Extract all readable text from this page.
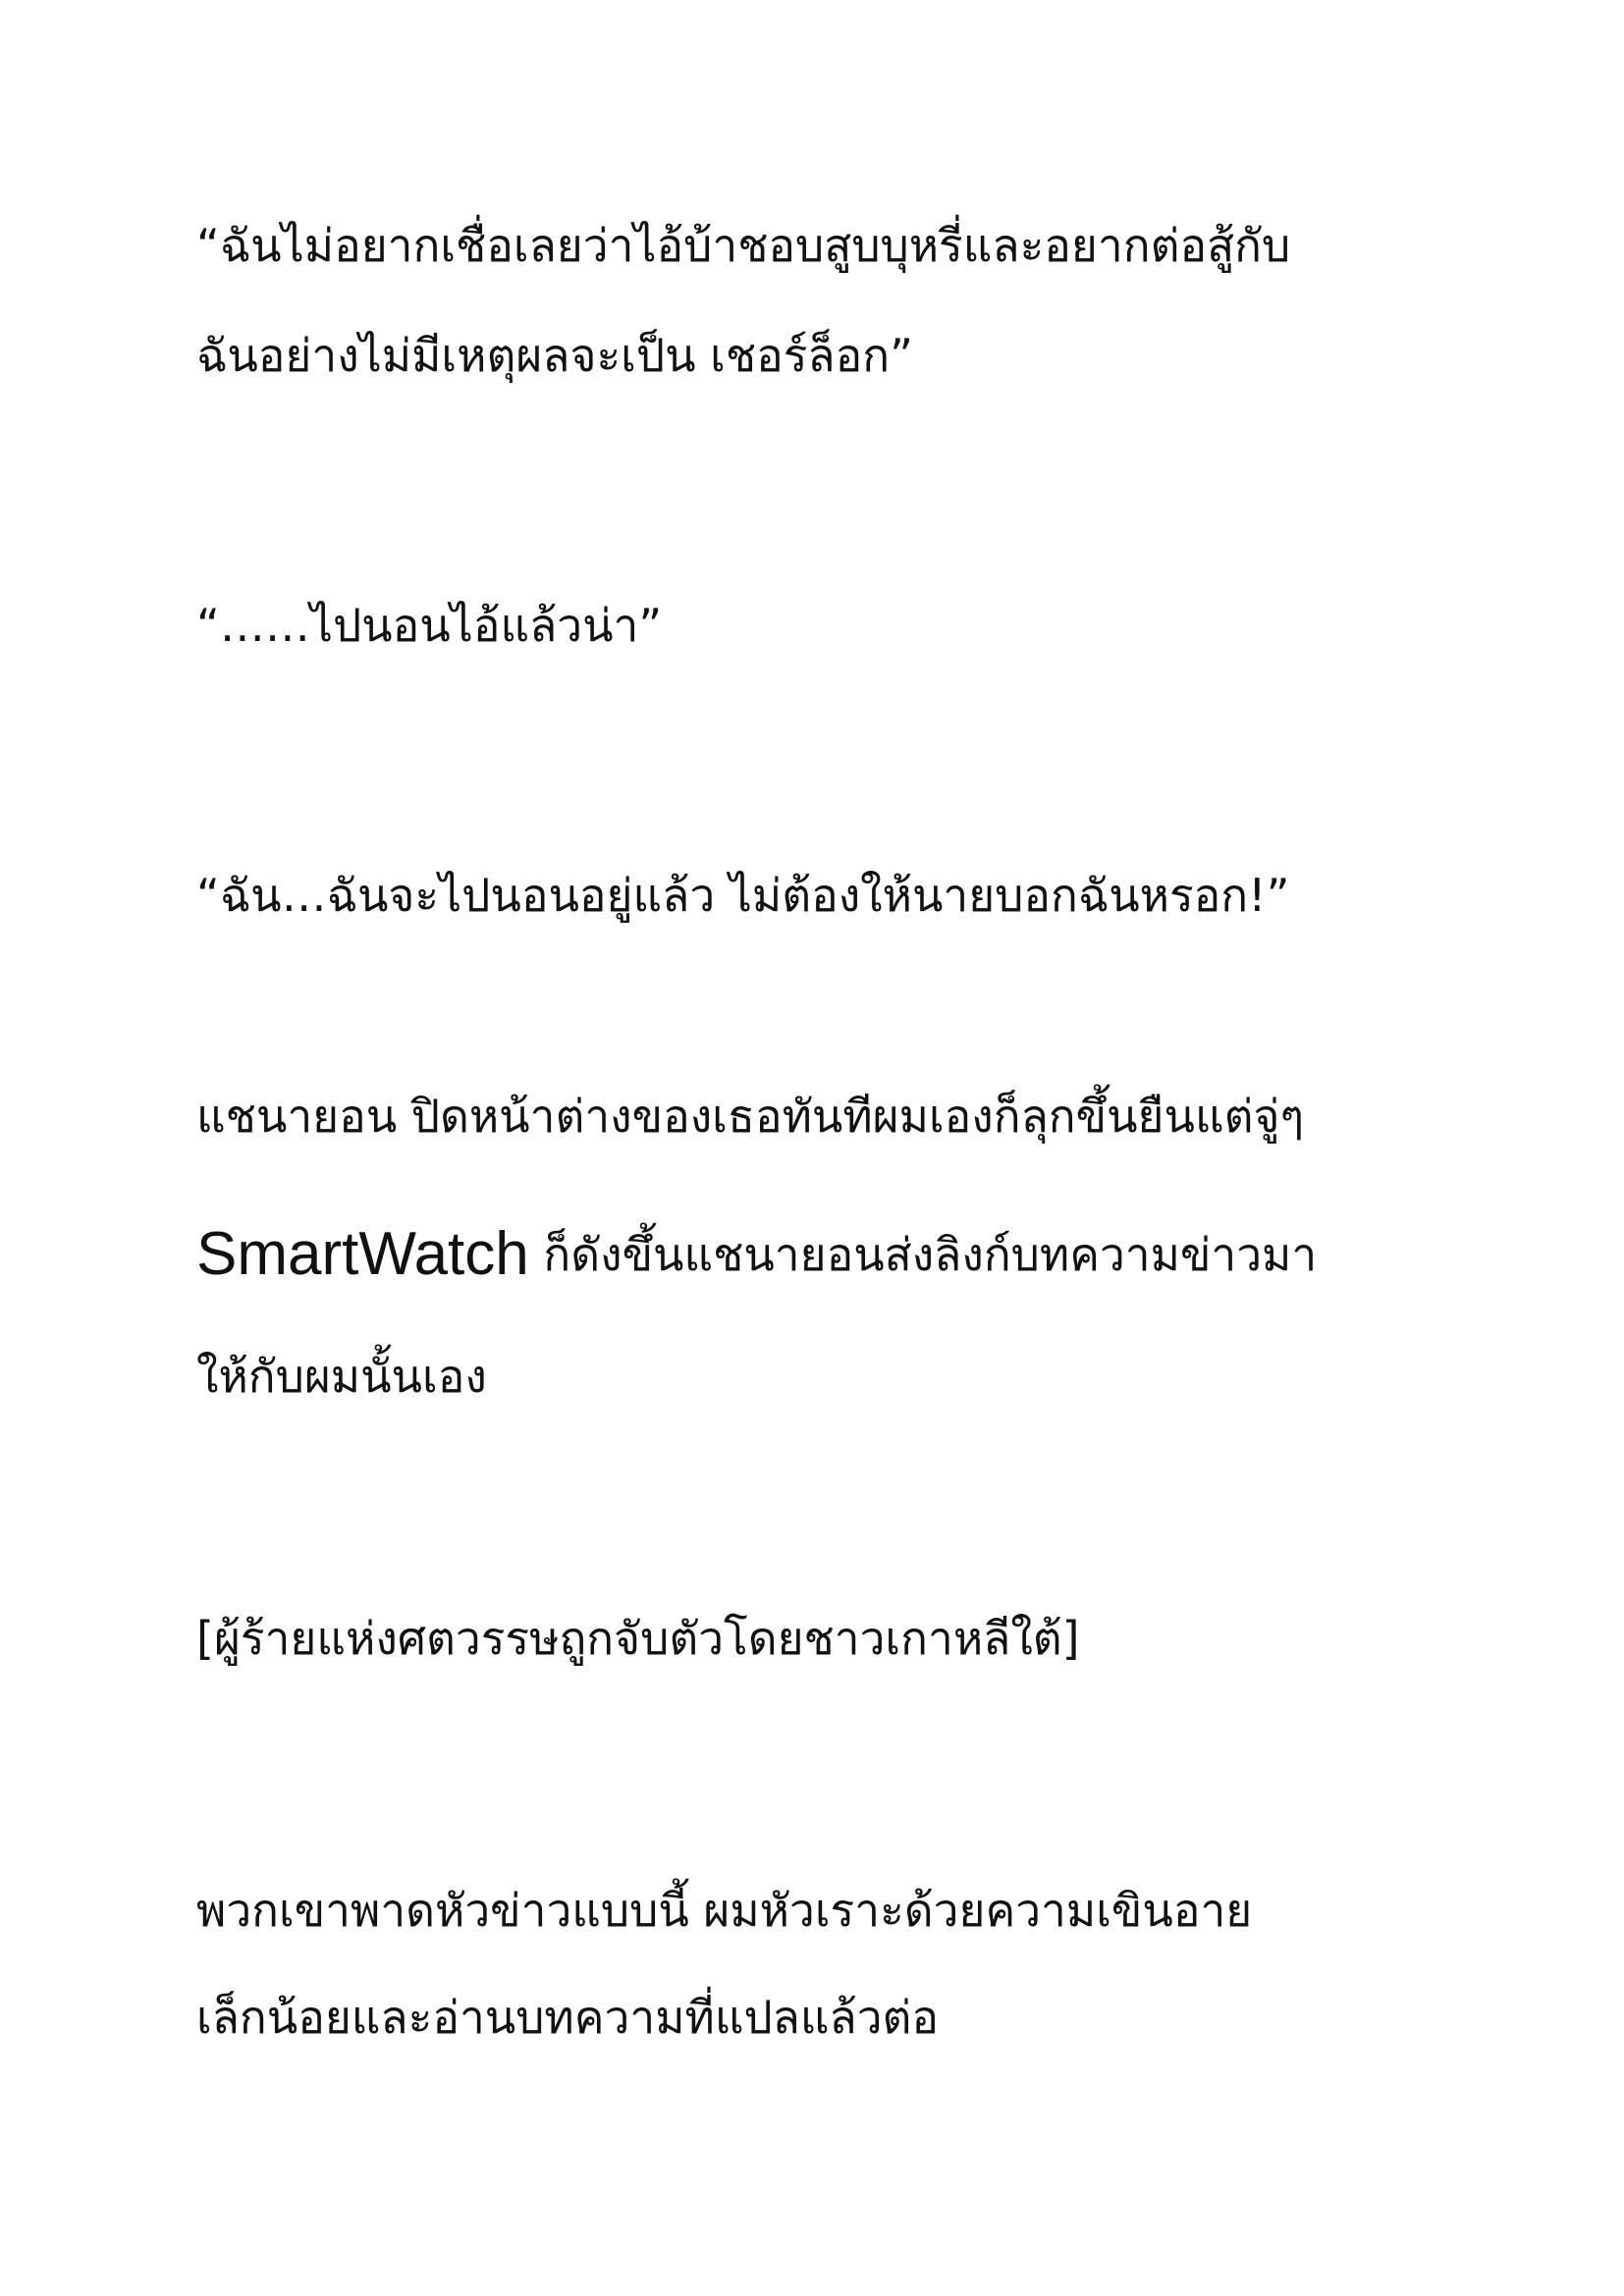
“ฉันไม่อยากเชื่อเลยว่าไอ้บ้าชอบสูบบุหรี่และอยากต่อสู้กับ
ฉันอย่างไม่มีเหตุผลจะเป็น เชอร์ล็อก”
“……ไปนอนไอ้แล้วน่า”
“ฉัน…ฉันจะไปนอนอยู่แล้ว ไม่ต้องให้นายบอกฉันหรอก!”
แชนายอน ปิดหน้าต่างของเธอทันทีผมเองก็ลุกขึ้นยืนแต่จู่ๆ
SmartWatch ก็ดังขึ้นแชนายอนส่งลิงก์บทความข่าวมา
ให้กับผมนั้นเอง
[ผู้ร้ายแห่งศตวรรษถูกจับตัวโดยชาวเกาหลีใต้]
พวกเขาพาดหัวข่าวแบบนี้ ผมหัวเราะด้วยความเขินอาย
เล็กน้อยและอ่านบทความที่แปลแล้วต่อ
